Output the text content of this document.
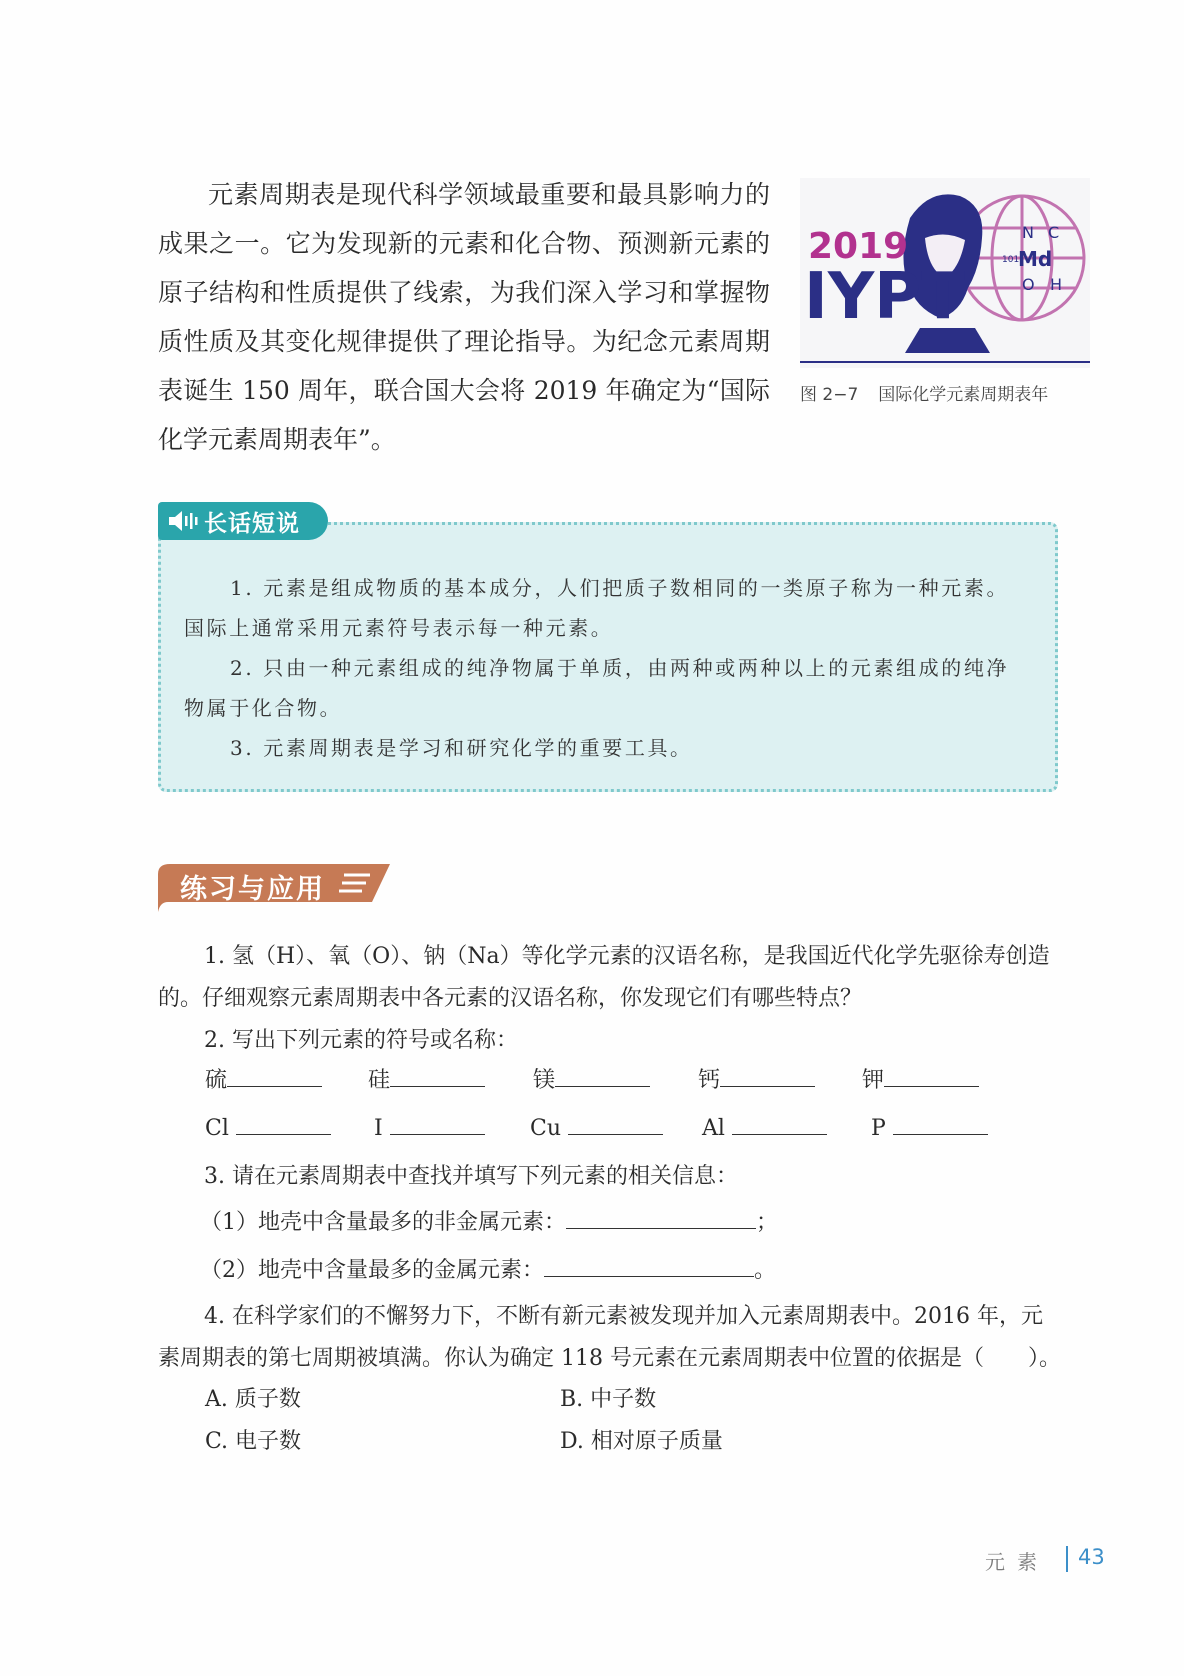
元素周期表是现代科学领域最重要和最具影响力的成果之一。它为发现新的元素和化合物、预测新元素的原子结构和性质提供了线索，为我们深入学习和掌握物质性质及其变化规律提供了理论指导。为纪念元素周期表诞生 150 周年，联合国大会将 2019 年确定为“国际化学元素周期表年”。

N C
101
Md
O H
2019
IYPT
图 2−7 国际化学元素周期表年
长话短说

1. 元素是组成物质的基本成分，人们把质子数相同的一类原子称为一种元素。

国际上通常采用元素符号表示每一种元素。

2. 只由一种元素组成的纯净物属于单质，由两种或两种以上的元素组成的纯净

物属于化合物。

3. 元素周期表是学习和研究化学的重要工具。

练习与应用

1. 氢（H）、氧（O）、钠（Na）等化学元素的汉语名称，是我国近代化学先驱徐寿创造的。仔细观察元素周期表中各元素的汉语名称，你发现它们有哪些特点？

2. 写出下列元素的符号或名称：

硫	硅	镁	钙	钾
Cl	I	Cu	Al	P

3. 请在元素周期表中查找并填写下列元素的相关信息：

（1）地壳中含量最多的非金属元素：	；
（2）地壳中含量最多的金属元素：	。

4. 在科学家们的不懈努力下，不断有新元素被发现并加入元素周期表中。2016 年，元素周期表的第七周期被填满。你认为确定 118 号元素在元素周期表中位置的依据是（　　）。

A. 质子数	B. 中子数
C. 电子数	D. 相对原子质量
元素 43
